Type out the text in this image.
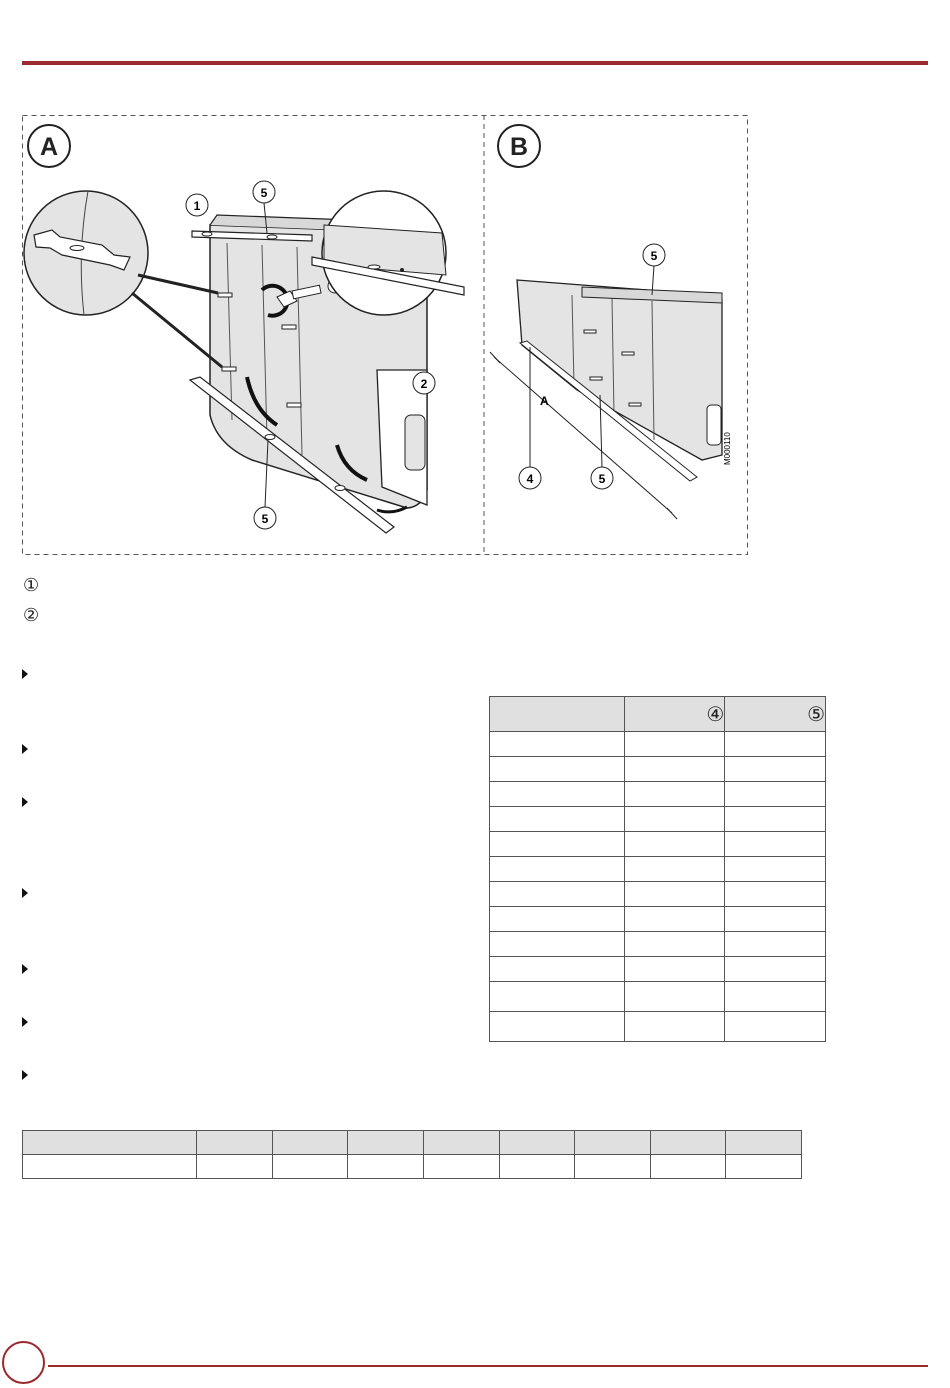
A	B
1
5
2
5
A
M000110
5
4	5
①
②
	④	⑤
